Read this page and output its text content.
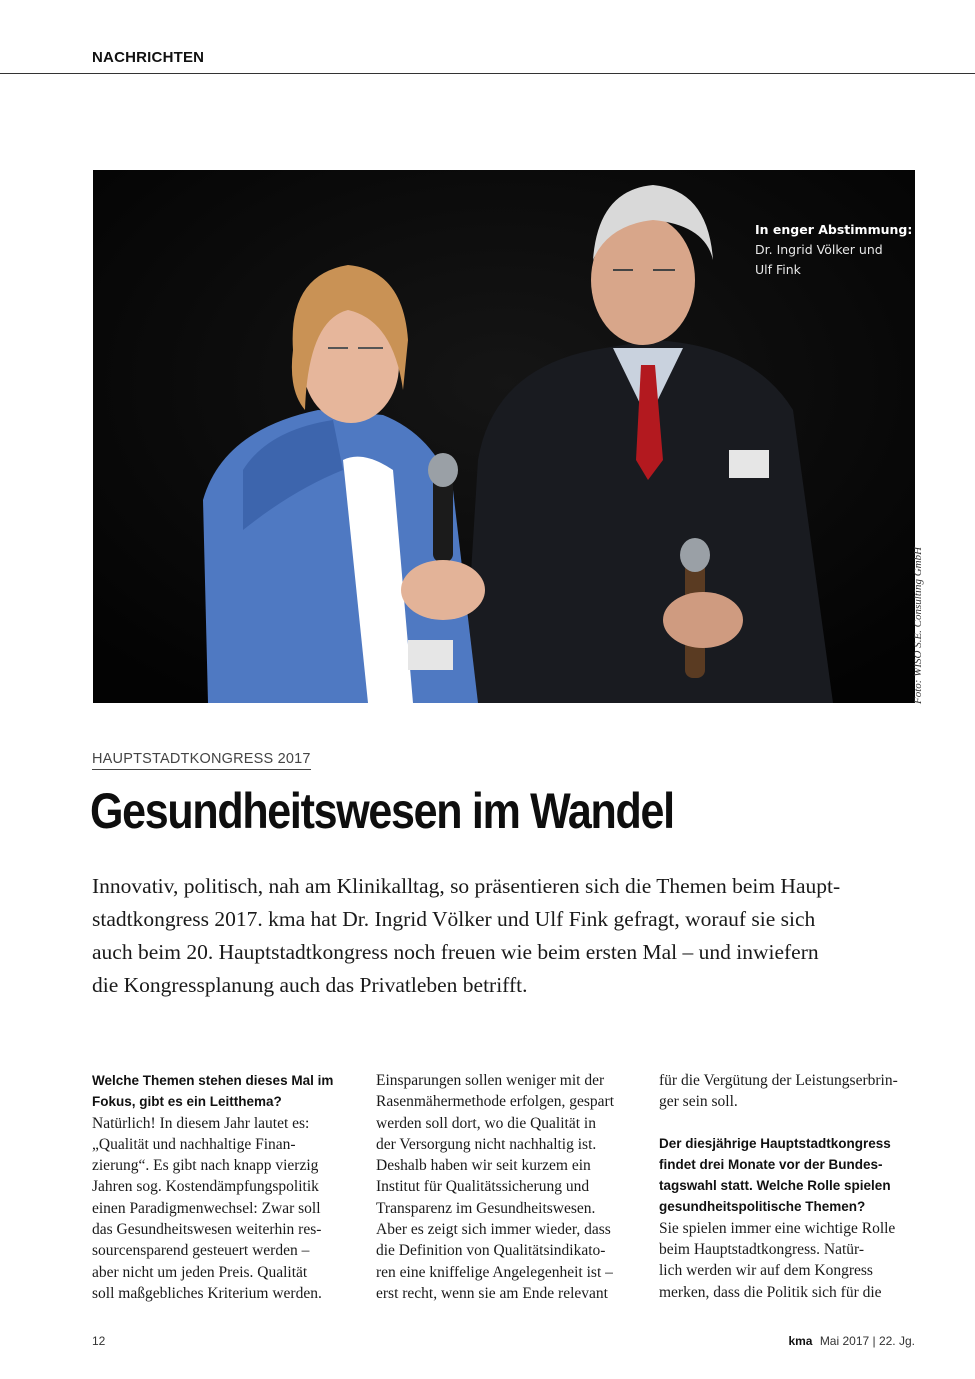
NACHRICHTEN
In enger Abstimmung:
Dr. Ingrid Völker und
Ulf Fink
Foto: WISO S.E. Consulting GmbH
HAUPTSTADTKONGRESS 2017
Gesundheitswesen im Wandel
Innovativ, politisch, nah am Klinikalltag, so präsentieren sich die Themen beim Haupt-
stadtkongress 2017. kma hat Dr. Ingrid Völker und Ulf Fink gefragt, worauf sie sich
auch beim 20. Hauptstadtkongress noch freuen wie beim ersten Mal – und inwiefern
die Kongressplanung auch das Privatleben betrifft.
Welche Themen stehen dieses Mal im
Fokus, gibt es ein Leitthema?
Natürlich! In diesem Jahr lautet es:
„Qualität und nachhaltige Finan-
zierung“. Es gibt nach knapp vierzig
Jahren sog. Kostendämpfungspolitik
einen Paradigmenwechsel: Zwar soll
das Gesundheitswesen weiterhin res-
sourcensparend gesteuert werden –
aber nicht um jeden Preis. Qualität
soll maßgebliches Kriterium werden.
Einsparungen sollen weniger mit der
Rasenmähermethode erfolgen, gespart
werden soll dort, wo die Qualität in
der Versorgung nicht nachhaltig ist.
Deshalb haben wir seit kurzem ein
Institut für Qualitätssicherung und
Transparenz im Gesundheitswesen.
Aber es zeigt sich immer wieder, dass
die Definition von Qualitätsindikato-
ren eine kniffelige Angelegenheit ist –
erst recht, wenn sie am Ende relevant
für die Vergütung der Leistungserbrin-
ger sein soll.
Der diesjährige Hauptstadtkongress
findet drei Monate vor der Bundes-
tagswahl statt. Welche Rolle spielen
gesundheitspolitische Themen?
Sie spielen immer eine wichtige Rolle
beim Hauptstadtkongress. Natür-
lich werden wir auf dem Kongress
merken, dass die Politik sich für die
12	kma Mai 2017 | 22. Jg.
